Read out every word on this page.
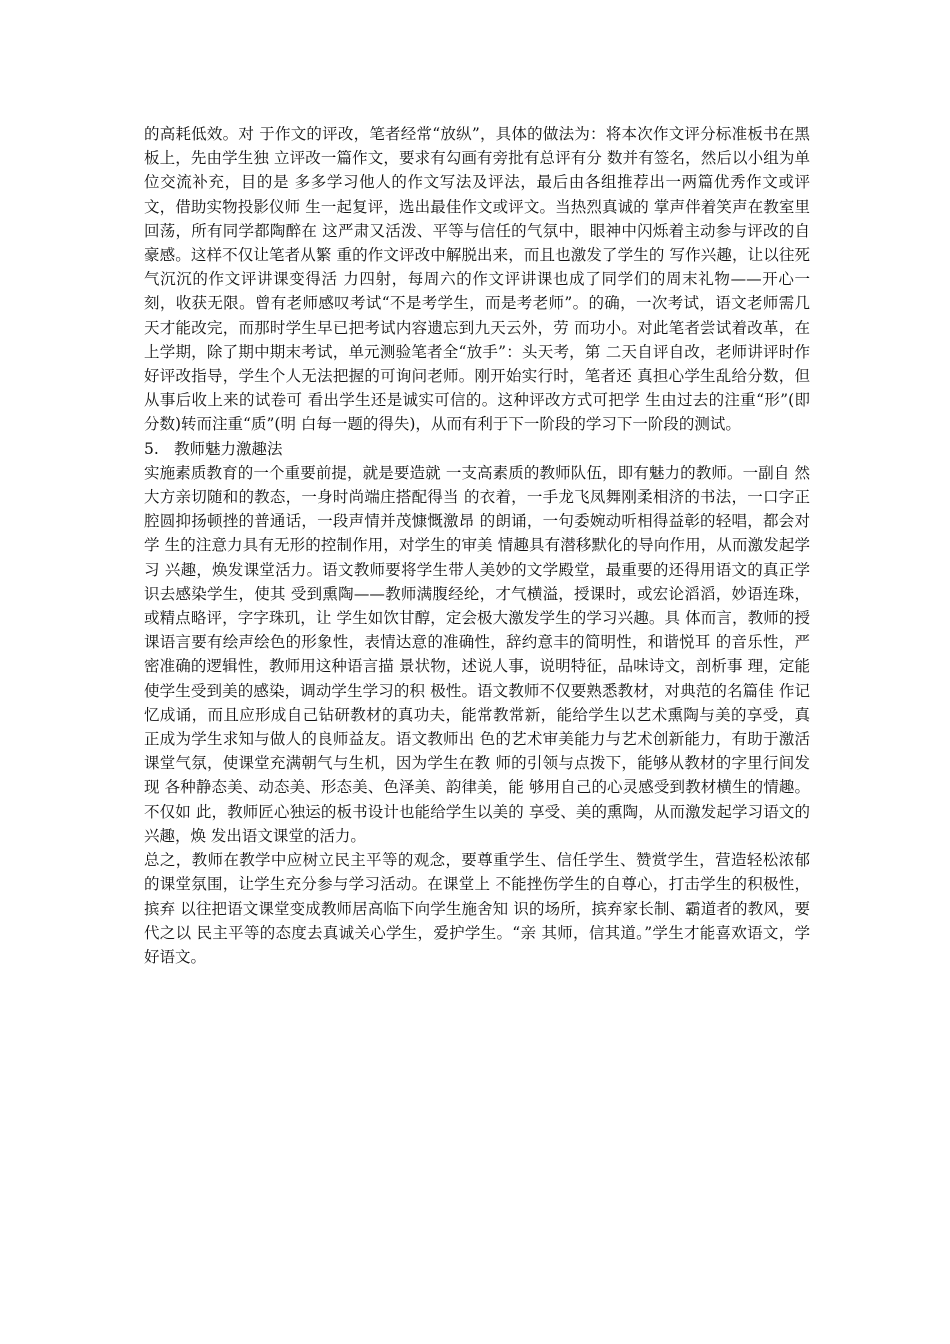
的高耗低效。对 于作文的评改，笔者经常“放纵”，具体的做法为：将本次作文评分标准板书在黑板上，先由学生独 立评改一篇作文，要求有勾画有旁批有总评有分 数并有签名，然后以小组为单位交流补充，目的是 多多学习他人的作文写法及评法，最后由各组推荐出一两篇优秀作文或评文，借助实物投影仪师 生一起复评，选出最佳作文或评文。当热烈真诚的 掌声伴着笑声在教室里回荡，所有同学都陶醉在 这严肃又活泼、平等与信任的气氛中，眼神中闪烁着主动参与评改的自豪感。这样不仅让笔者从繁 重的作文评改中解脱出来，而且也激发了学生的 写作兴趣，让以往死气沉沉的作文评讲课变得活 力四射，每周六的作文评讲课也成了同学们的周末礼物——开心一刻，收获无限。曾有老师感叹考试“不是考学生，而是考老师”。的确，一次考试，语文老师需几天才能改完，而那时学生早已把考试内容遗忘到九天云外，劳 而功小。对此笔者尝试着改革，在上学期，除了期中期末考试，单元测验笔者全“放手”：头天考，第 二天自评自改，老师讲评时作好评改指导，学生个人无法把握的可询问老师。刚开始实行时，笔者还 真担心学生乱给分数，但从事后收上来的试卷可 看出学生还是诚实可信的。这种评改方式可把学 生由过去的注重“形”(即分数)转而注重“质”(明 白每一题的得失)，从而有利于下一阶段的学习下一阶段的测试。

5. 教师魅力激趣法

实施素质教育的一个重要前提，就是要造就 一支高素质的教师队伍，即有魅力的教师。一副自 然大方亲切随和的教态，一身时尚端庄搭配得当 的衣着，一手龙飞凤舞刚柔相济的书法，一口字正 腔圆抑扬顿挫的普通话，一段声情并茂慷慨激昂 的朗诵，一句委婉动听相得益彰的轻唱，都会对学 生的注意力具有无形的控制作用，对学生的审美 情趣具有潜移默化的导向作用，从而激发起学习 兴趣，焕发课堂活力。语文教师要将学生带人美妙的文学殿堂，最重要的还得用语文的真正学识去感染学生，使其 受到熏陶——教师满腹经纶，才气横溢，授课时，或宏论滔滔，妙语连珠，或精点略评，字字珠玑，让 学生如饮甘醇，定会极大激发学生的学习兴趣。具 体而言，教师的授课语言要有绘声绘色的形象性，表情达意的准确性，辞约意丰的简明性，和谐悦耳 的音乐性，严密准确的逻辑性，教师用这种语言描 景状物，述说人事，说明特征，品味诗文，剖析事 理，定能使学生受到美的感染，调动学生学习的积 极性。语文教师不仅要熟悉教材，对典范的名篇佳 作记忆成诵，而且应形成自己钻研教材的真功夫，能常教常新，能给学生以艺术熏陶与美的享受，真 正成为学生求知与做人的良师益友。语文教师出 色的艺术审美能力与艺术创新能力，有助于激活 课堂气氛，使课堂充满朝气与生机，因为学生在教 师的引领与点拨下，能够从教材的字里行间发现 各种静态美、动态美、形态美、色泽美、韵律美，能 够用自己的心灵感受到教材横生的情趣。不仅如 此，教师匠心独运的板书设计也能给学生以美的 享受、美的熏陶，从而激发起学习语文的兴趣，焕 发出语文课堂的活力。

总之，教师在教学中应树立民主平等的观念，要尊重学生、信任学生、赞赏学生，营造轻松浓郁 的课堂氛围，让学生充分参与学习活动。在课堂上 不能挫伤学生的自尊心，打击学生的积极性，摈弃 以往把语文课堂变成教师居高临下向学生施舍知 识的场所，摈弃家长制、霸道者的教风，要代之以 民主平等的态度去真诚关心学生，爱护学生。“亲 其师，信其道。”学生才能喜欢语文，学好语文。
